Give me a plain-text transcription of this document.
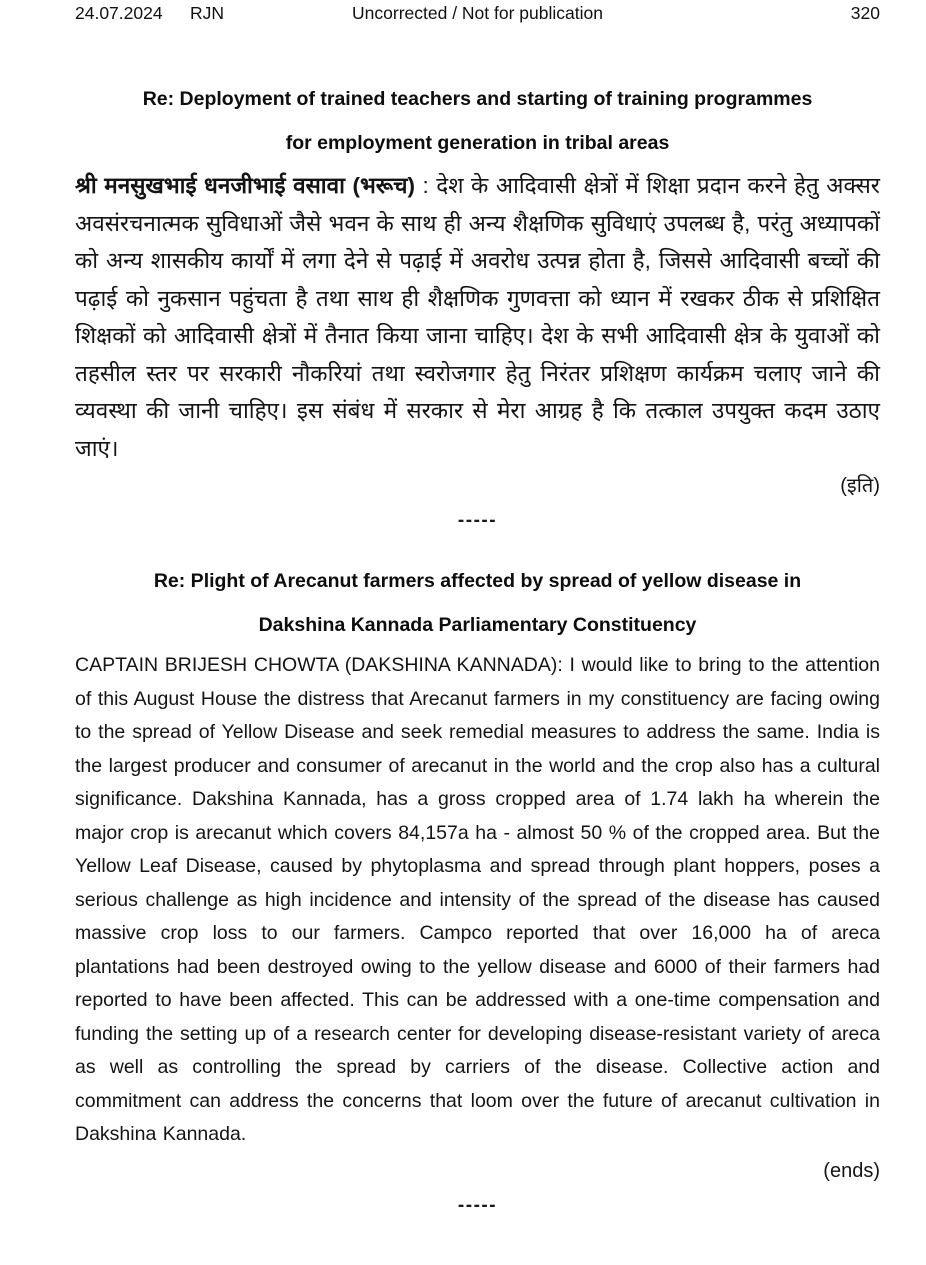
24.07.2024 RJN	Uncorrected / Not for publication	320
Re: Deployment of trained teachers and starting of training programmes
for employment generation in tribal areas

श्री मनसुखभाई धनजीभाई वसावा (भरूच) : देश के आदिवासी क्षेत्रों में शिक्षा प्रदान करने हेतु अक्सर अवसंरचनात्मक सुविधाओं जैसे भवन के साथ ही अन्य शैक्षणिक सुविधाएं उपलब्ध है, परंतु अध्यापकों को अन्य शासकीय कार्यों में लगा देने से पढ़ाई में अवरोध उत्पन्न होता है, जिससे आदिवासी बच्चों की पढ़ाई को नुकसान पहुंचता है तथा साथ ही शैक्षणिक गुणवत्ता को ध्यान में रखकर ठीक से प्रशिक्षित शिक्षकों को आदिवासी क्षेत्रों में तैनात किया जाना चाहिए। देश के सभी आदिवासी क्षेत्र के युवाओं को तहसील स्तर पर सरकारी नौकरियां तथा स्वरोजगार हेतु निरंतर प्रशिक्षण कार्यक्रम चलाए जाने की व्यवस्था की जानी चाहिए। इस संबंध में सरकार से मेरा आग्रह है कि तत्काल उपयुक्त कदम उठाए जाएं।

(इति)
-----
Re: Plight of Arecanut farmers affected by spread of yellow disease in
Dakshina Kannada Parliamentary Constituency

CAPTAIN BRIJESH CHOWTA (DAKSHINA KANNADA): I would like to bring to the attention of this August House the distress that Arecanut farmers in my constituency are facing owing to the spread of Yellow Disease and seek remedial measures to address the same. India is the largest producer and consumer of arecanut in the world and the crop also has a cultural significance. Dakshina Kannada, has a gross cropped area of 1.74 lakh ha wherein the major crop is arecanut which covers 84,157a ha - almost 50 % of the cropped area. But the Yellow Leaf Disease, caused by phytoplasma and spread through plant hoppers, poses a serious challenge as high incidence and intensity of the spread of the disease has caused massive crop loss to our farmers. Campco reported that over 16,000 ha of areca plantations had been destroyed owing to the yellow disease and 6000 of their farmers had reported to have been affected. This can be addressed with a one-time compensation and funding the setting up of a research center for developing disease-resistant variety of areca as well as controlling the spread by carriers of the disease. Collective action and commitment can address the concerns that loom over the future of arecanut cultivation in Dakshina Kannada.

(ends)
-----
